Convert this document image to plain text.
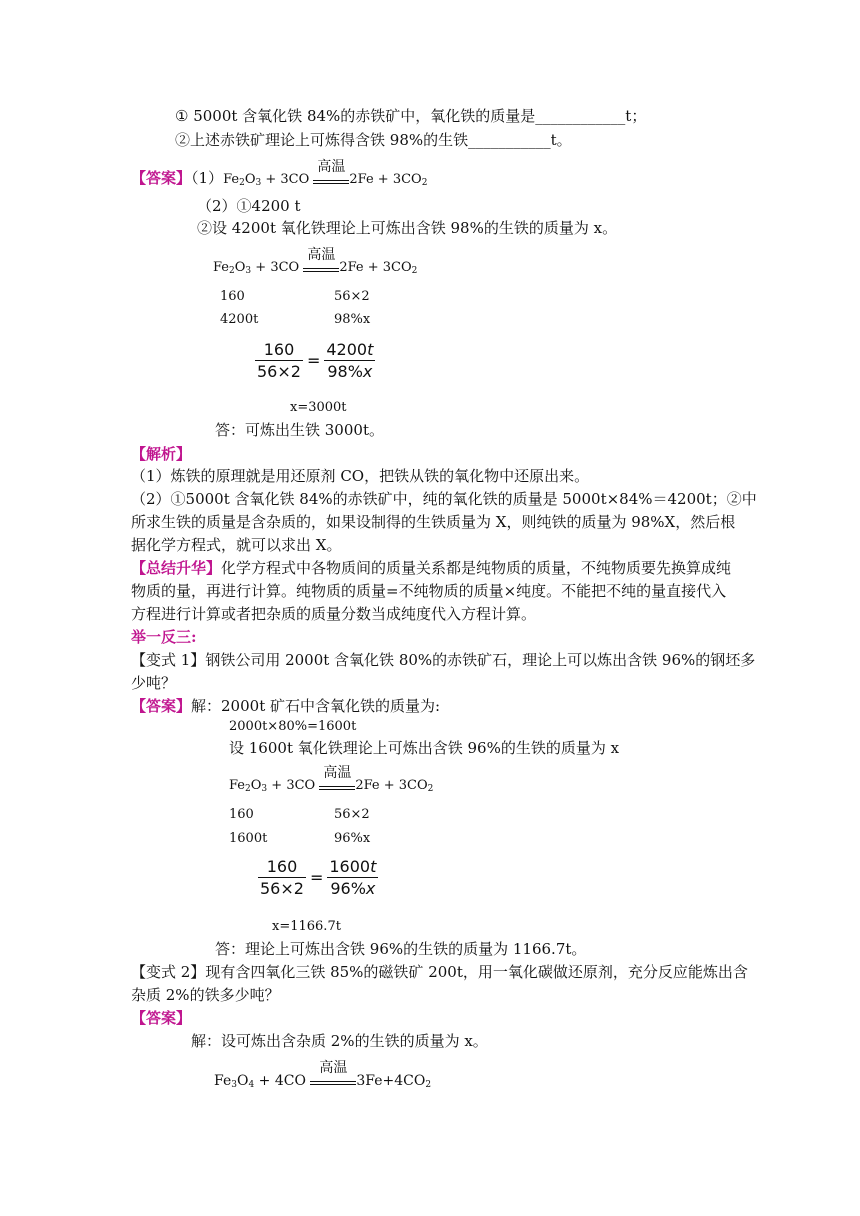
① 5000t 含氧化铁 84%的赤铁矿中，氧化铁的质量是____________t；
②上述赤铁矿理论上可炼得含铁 98%的生铁___________t。
【答案】$(1)Fe_2O_3 + 3CO$
高温
$2Fe + 3CO_2$
（2）①4200 t
②设 4200t 氧化铁理论上可炼出含铁 98%的生铁的质量为 x。
$Fe_2O_3 + 3CO$
高温
$2Fe + 3CO_2$
160	56×2
4200t	98%x
$\frac{160}{56\times 2} = \frac{4200t}{98\%x}$
x=3000t
答：可炼出生铁 3000t。
【解析】
（1）炼铁的原理就是用还原剂 CO，把铁从铁的氧化物中还原出来。
（2）①5000t 含氧化铁 84%的赤铁矿中，纯的氧化铁的质量是 5000t×84%＝4200t；②中
所求生铁的质量是含杂质的，如果设制得的生铁质量为 X，则纯铁的质量为 98%X，然后根
据化学方程式，就可以求出 X。
【总结升华】化学方程式中各物质间的质量关系都是纯物质的质量，不纯物质要先换算成纯
物质的量，再进行计算。纯物质的质量=不纯物质的质量×纯度。不能把不纯的量直接代入
方程进行计算或者把杂质的质量分数当成纯度代入方程计算。
举一反三:
【变式 1】钢铁公司用 2000t 含氧化铁 80%的赤铁矿石，理论上可以炼出含铁 96%的钢坯多
少吨？
【答案】解：2000t 矿石中含氧化铁的质量为:
2000t×80%=1600t
设 1600t 氧化铁理论上可炼出含铁 96%的生铁的质量为 x
$Fe_2O_3 + 3CO$
高温
$2Fe + 3CO_2$
160	56×2
1600t	96%x
$\frac{160}{56\times 2} = \frac{1600t}{96\%x}$
x=1166.7t
答：理论上可炼出含铁 96%的生铁的质量为 1166.7t。
【变式 2】现有含四氧化三铁 85%的磁铁矿 200t，用一氧化碳做还原剂，充分反应能炼出含
杂质 2%的铁多少吨？
【答案】
解：设可炼出含杂质 2%的生铁的质量为 x。
$Fe_3O_4 + 4CO$
高温
$3Fe+4CO_2$
